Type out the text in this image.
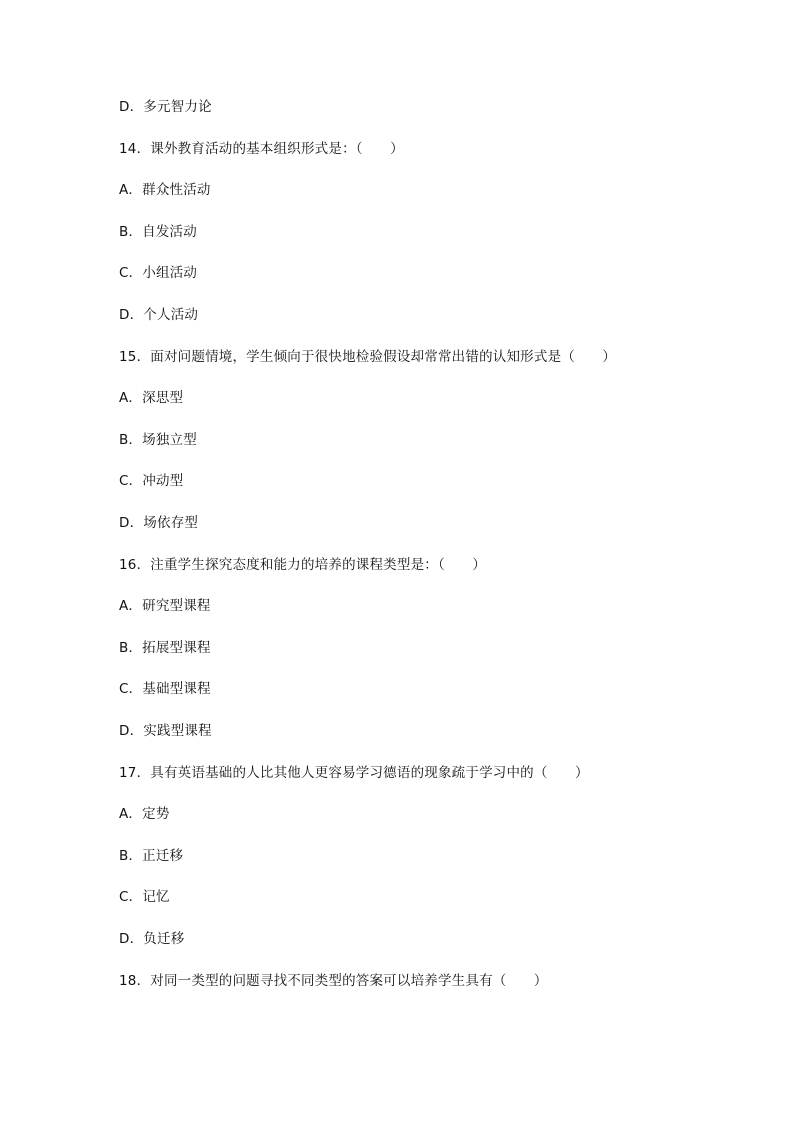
D．多元智力论
14．课外教育活动的基本组织形式是：（　　）
A．群众性活动
B．自发活动
C．小组活动
D．个人活动
15．面对问题情境，学生倾向于很快地检验假设却常常出错的认知形式是（　　）
A．深思型
B．场独立型
C．冲动型
D．场依存型
16．注重学生探究态度和能力的培养的课程类型是：（　　）
A．研究型课程
B．拓展型课程
C．基础型课程
D．实践型课程
17．具有英语基础的人比其他人更容易学习德语的现象疏于学习中的（　　）
A．定势
B．正迁移
C．记忆
D．负迁移
18．对同一类型的问题寻找不同类型的答案可以培养学生具有（　　）
